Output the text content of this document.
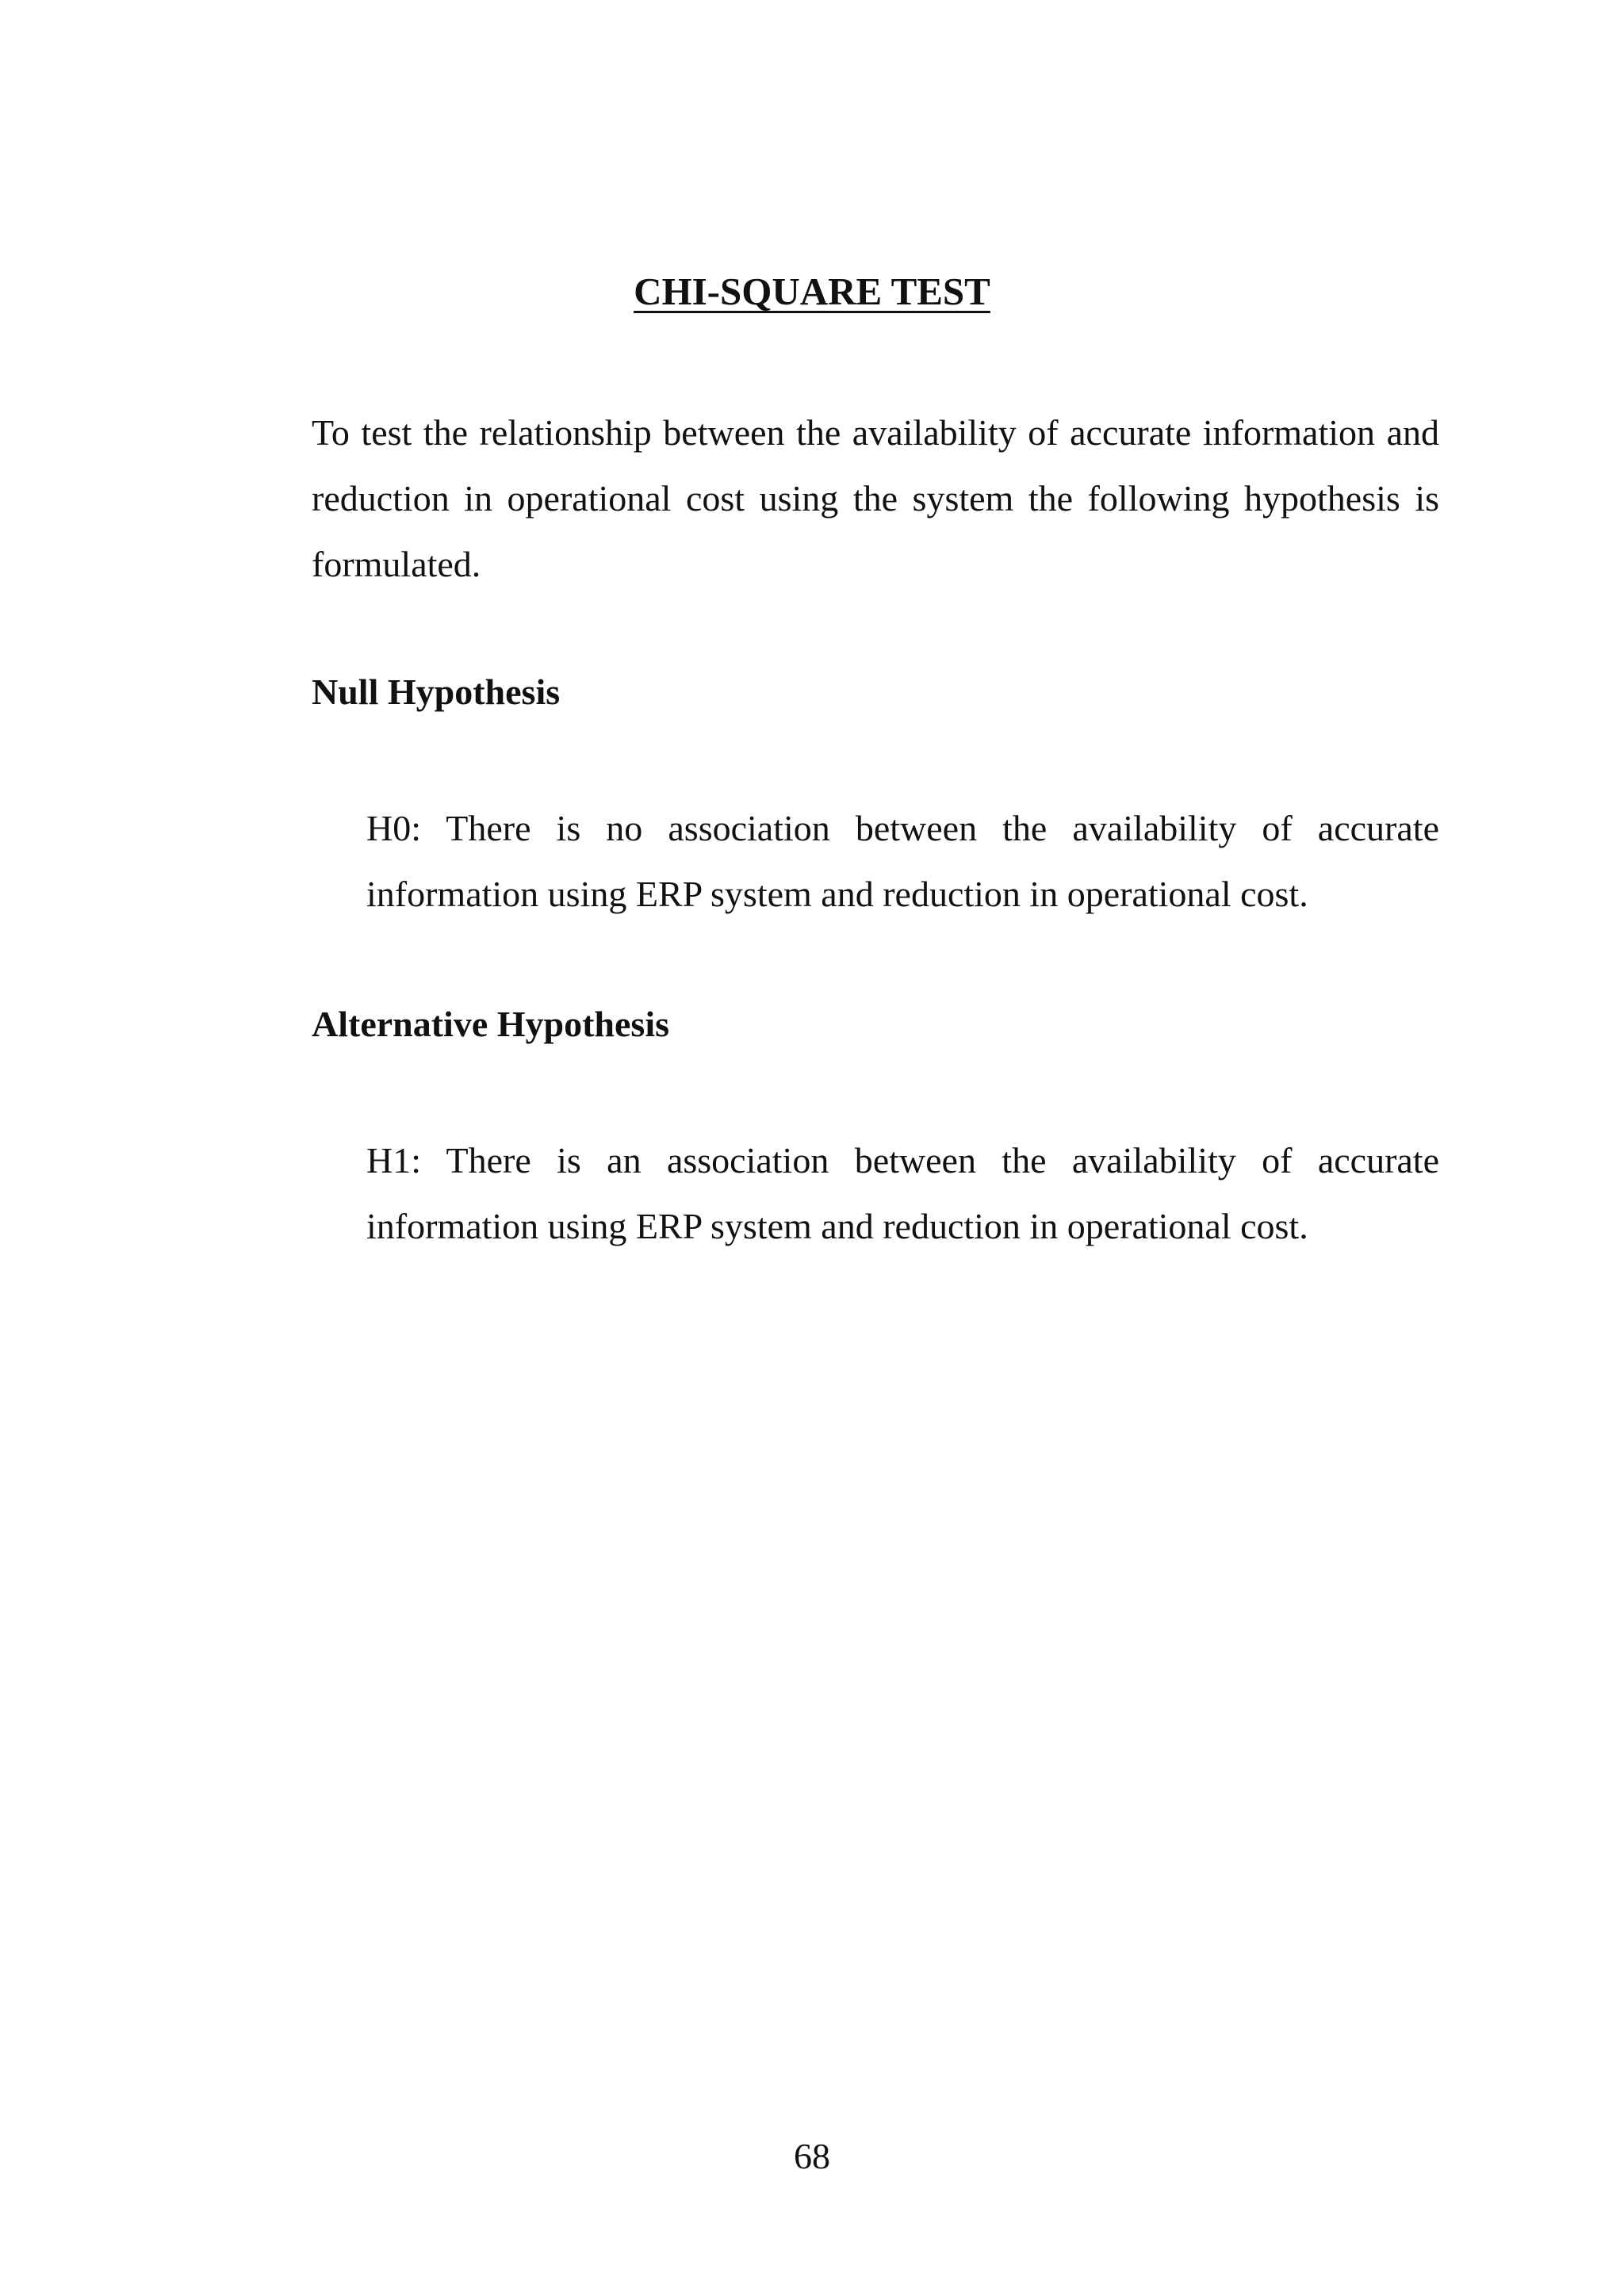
CHI-SQUARE TEST

To test the relationship between the availability of accurate information and reduction in operational cost using the system the following hypothesis is formulated.

Null Hypothesis

H0: There is no association between the availability of accurate information using ERP system and reduction in operational cost.

Alternative Hypothesis

H1: There is an association between the availability of accurate information using ERP system and reduction in operational cost.

68
